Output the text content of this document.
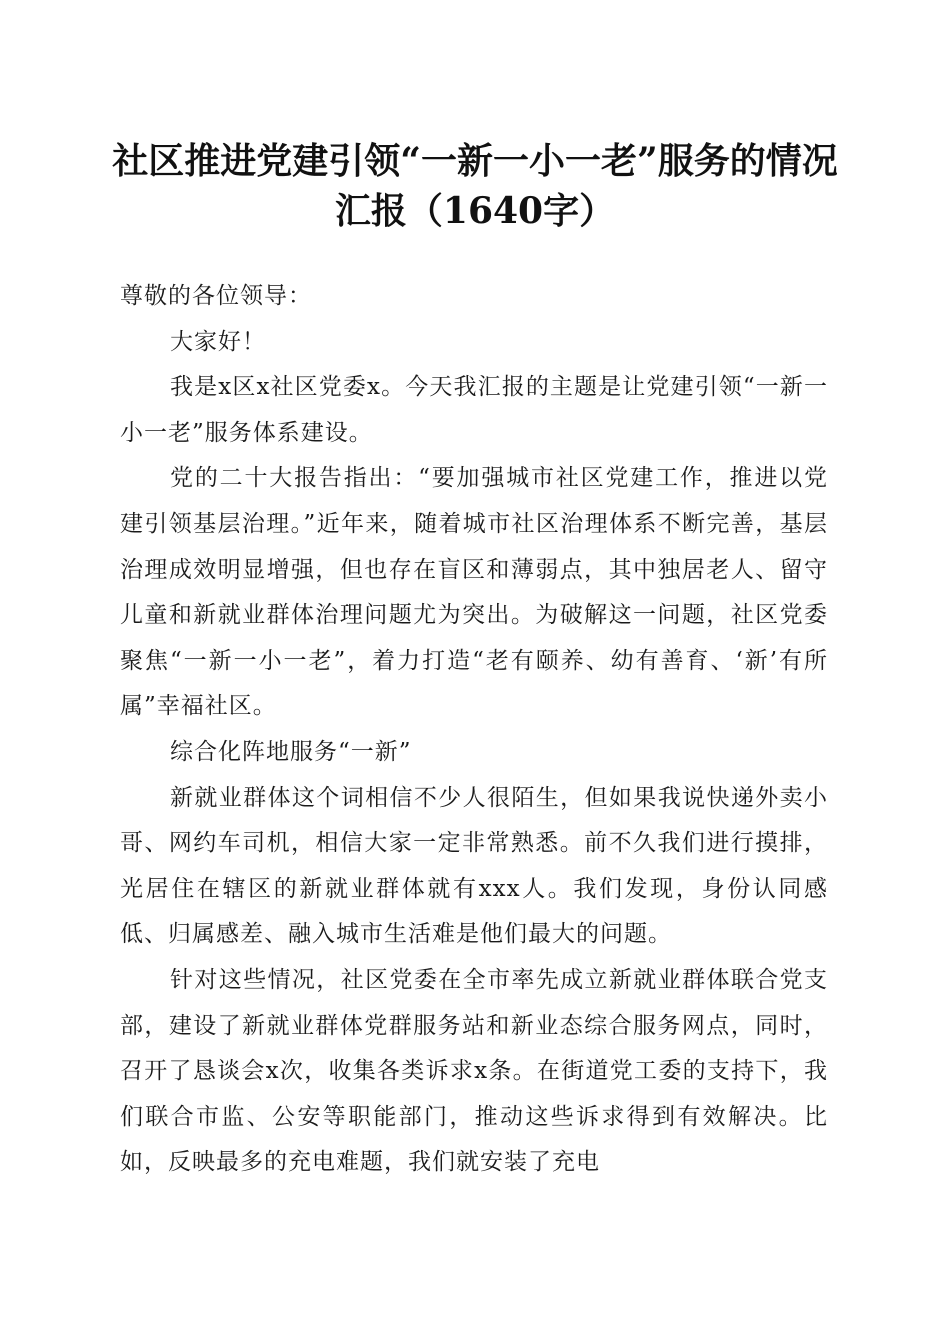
社区推进党建引领“一新一小一老”服务的情况汇报（1640字）

尊敬的各位领导：

大家好！

我是x区x社区党委x。今天我汇报的主题是让党建引领“一新一小一老”服务体系建设。

党的二十大报告指出：“要加强城市社区党建工作，推进以党建引领基层治理。”近年来，随着城市社区治理体系不断完善，基层治理成效明显增强，但也存在盲区和薄弱点，其中独居老人、留守儿童和新就业群体治理问题尤为突出。为破解这一问题，社区党委聚焦“一新一小一老”，着力打造“老有颐养、幼有善育、‘新’有所属”幸福社区。

综合化阵地服务“一新”

新就业群体这个词相信不少人很陌生，但如果我说快递外卖小哥、网约车司机，相信大家一定非常熟悉。前不久我们进行摸排，光居住在辖区的新就业群体就有xxx人。我们发现，身份认同感低、归属感差、融入城市生活难是他们最大的问题。

针对这些情况，社区党委在全市率先成立新就业群体联合党支部，建设了新就业群体党群服务站和新业态综合服务网点，同时，召开了恳谈会x次，收集各类诉求x条。在街道党工委的支持下，我们联合市监、公安等职能部门，推动这些诉求得到有效解决。比如，反映最多的充电难题，我们就安装了充电
